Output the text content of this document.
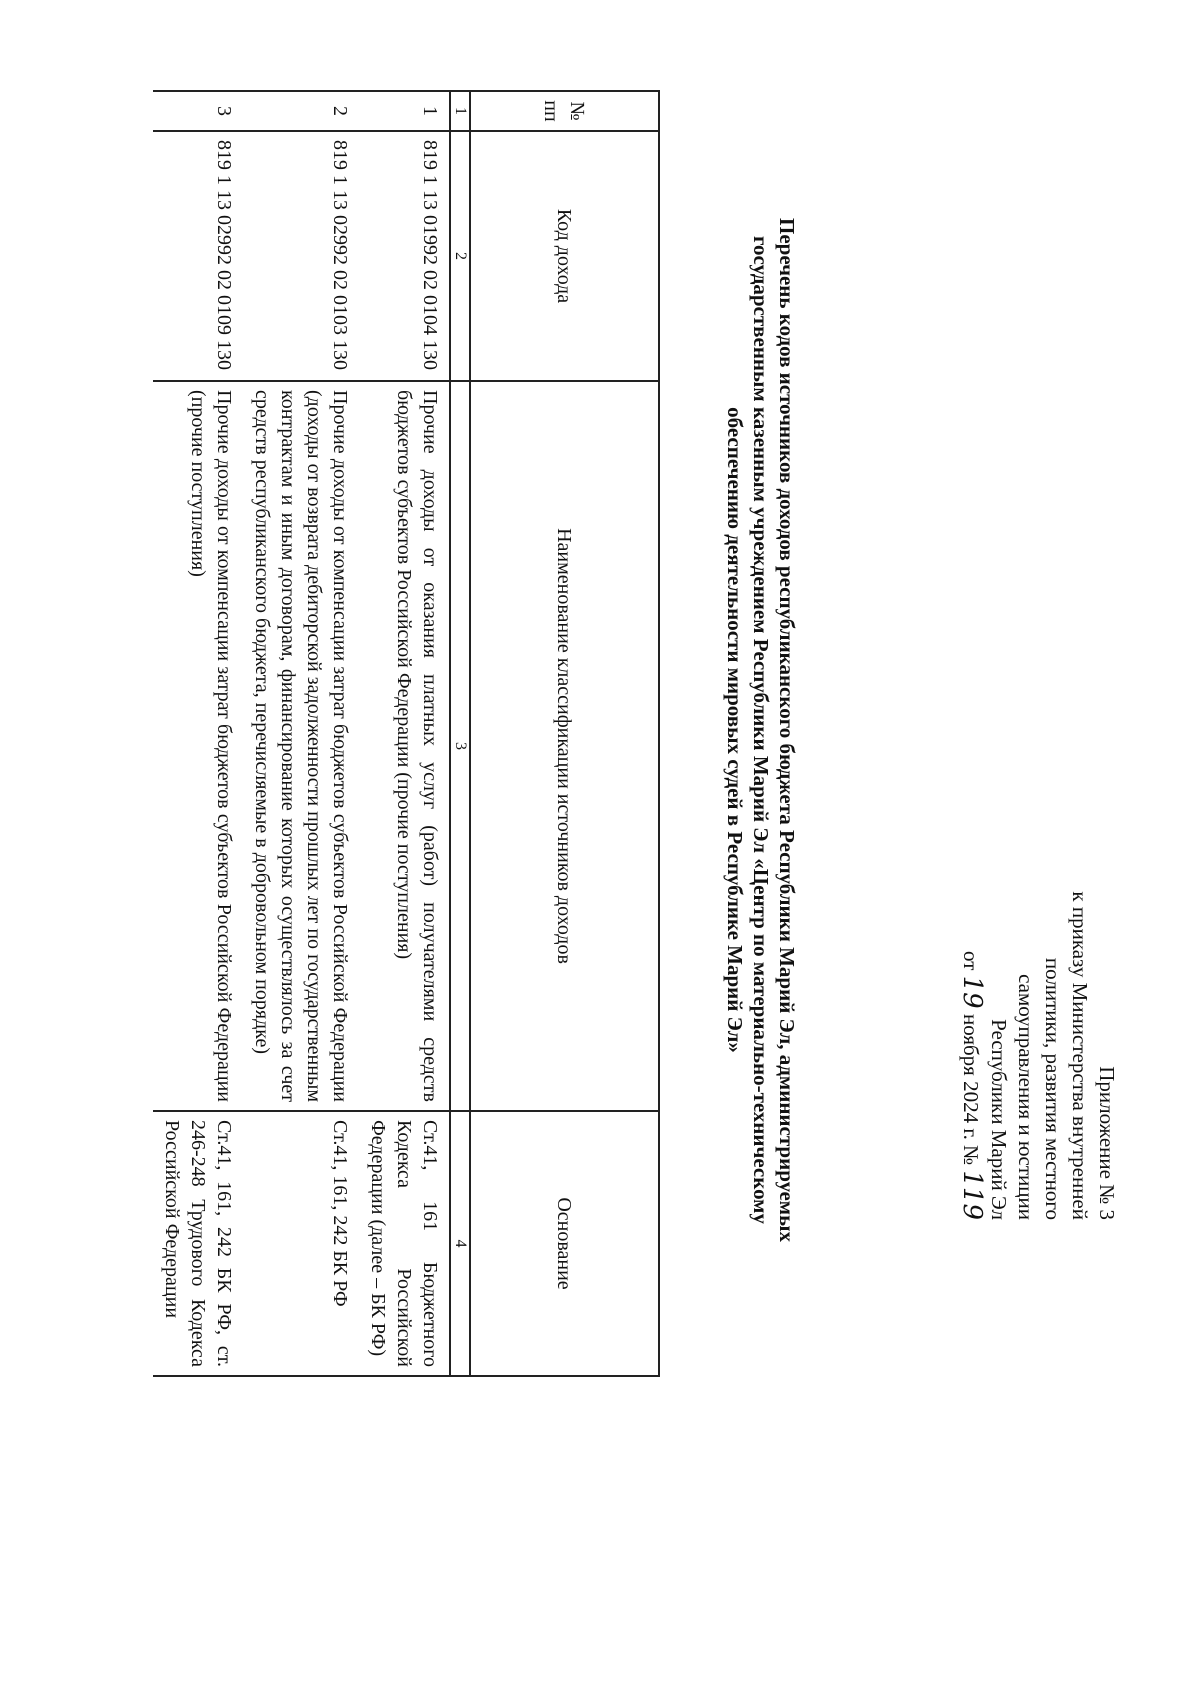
Приложение № 3
к приказу Министерства внутренней
политики, развития местного
самоуправления и юстиции
Республики Марий Эл
от 19 ноября 2024 г. № 119
Перечень кодов источников доходов республиканского бюджета Республики Марий Эл, администрируемых
государственным казенным учреждением Республики Марий Эл «Центр по материально-техническому
обеспечению деятельности мировых судей в Республике Марий Эл»
№ пп	Код дохода	Наименование классификации источников доходов	Основание
1	2	3	4
1	819 1 13 01992 02 0104 130	Прочие доходы от оказания платных услуг (работ) получателями средств бюджетов субъектов Российской Федерации (прочие поступления)	Ст.41, 161 Бюджетного Кодекса Российской Федерации (далее – БК РФ)
2	819 1 13 02992 02 0103 130	Прочие доходы от компенсации затрат бюджетов субъектов Российской Федерации (доходы от возврата дебиторской задолженности прошлых лет по государственным контрактам и иным договорам, финансирование которых осуществлялось за счет средств республиканского бюджета, перечисляемые в добровольном порядке)	Ст.41, 161, 242 БК РФ
3	819 1 13 02992 02 0109 130	Прочие доходы от компенсации затрат бюджетов субъектов Российской Федерации (прочие поступления)	Ст.41, 161, 242 БК РФ, ст. 246-248 Трудового Кодекса Российской Федерации
